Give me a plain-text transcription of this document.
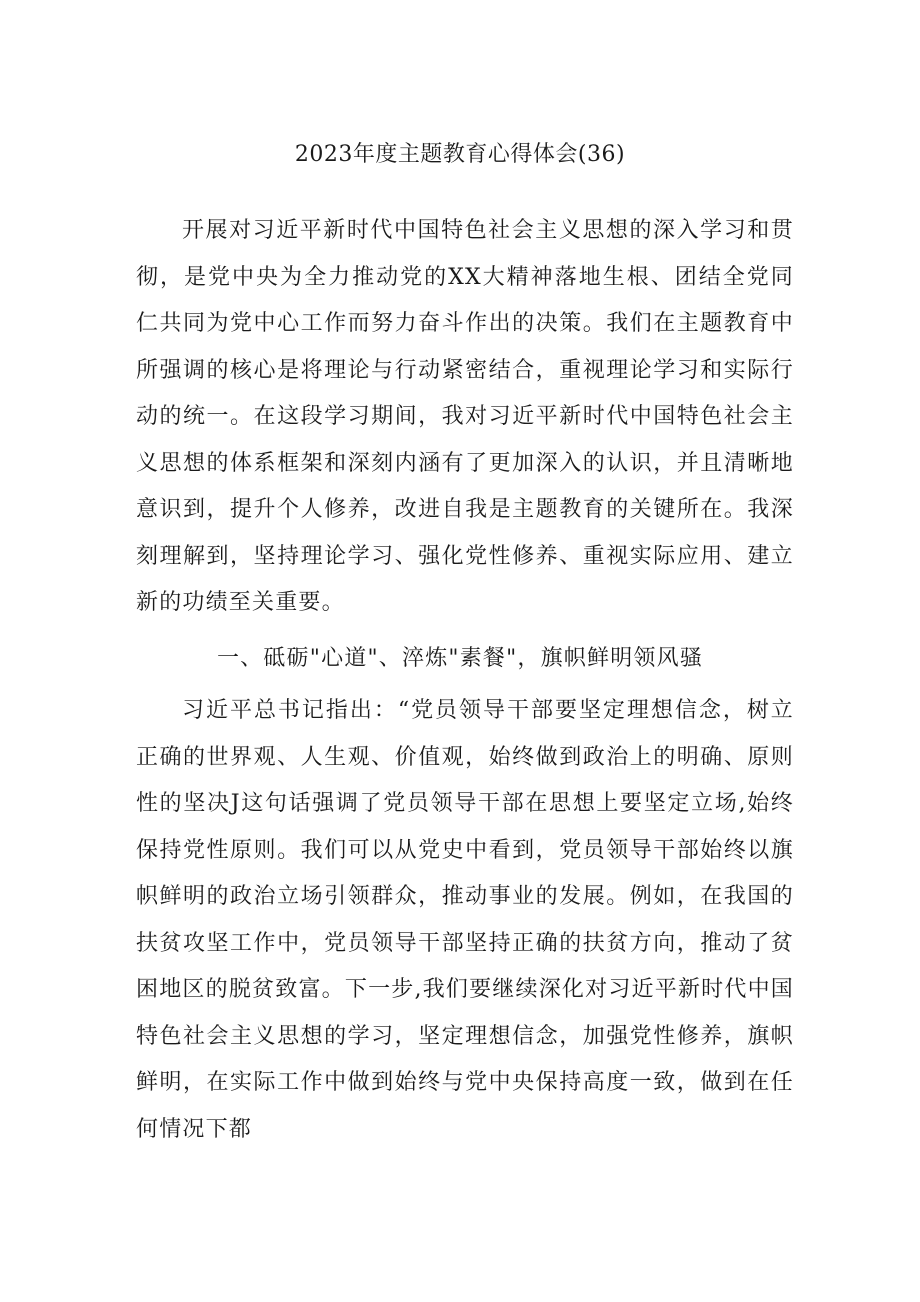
2023年度主题教育心得体会(36)

开展对习近平新时代中国特色社会主义思想的深入学习和贯彻，是党中央为全力推动党的XX大精神落地生根、团结全党同仁共同为党中心工作而努力奋斗作出的决策。我们在主题教育中所强调的核心是将理论与行动紧密结合，重视理论学习和实际行动的统一。在这段学习期间，我对习近平新时代中国特色社会主义思想的体系框架和深刻内涵有了更加深入的认识，并且清晰地意识到，提升个人修养，改进自我是主题教育的关键所在。我深刻理解到，坚持理论学习、强化党性修养、重视实际应用、建立新的功绩至关重要。

一、砥砺"心道"、淬炼"素餐"，旗帜鲜明领风骚

习近平总书记指出：“党员领导干部要坚定理想信念，树立正确的世界观、人生观、价值观，始终做到政治上的明确、原则性的坚决J这句话强调了党员领导干部在思想上要坚定立场,始终保持党性原则。我们可以从党史中看到，党员领导干部始终以旗帜鲜明的政治立场引领群众，推动事业的发展。例如，在我国的扶贫攻坚工作中，党员领导干部坚持正确的扶贫方向，推动了贫困地区的脱贫致富。下一步,我们要继续深化对习近平新时代中国特色社会主义思想的学习，坚定理想信念，加强党性修养，旗帜鲜明，在实际工作中做到始终与党中央保持高度一致，做到在任何情况下都
